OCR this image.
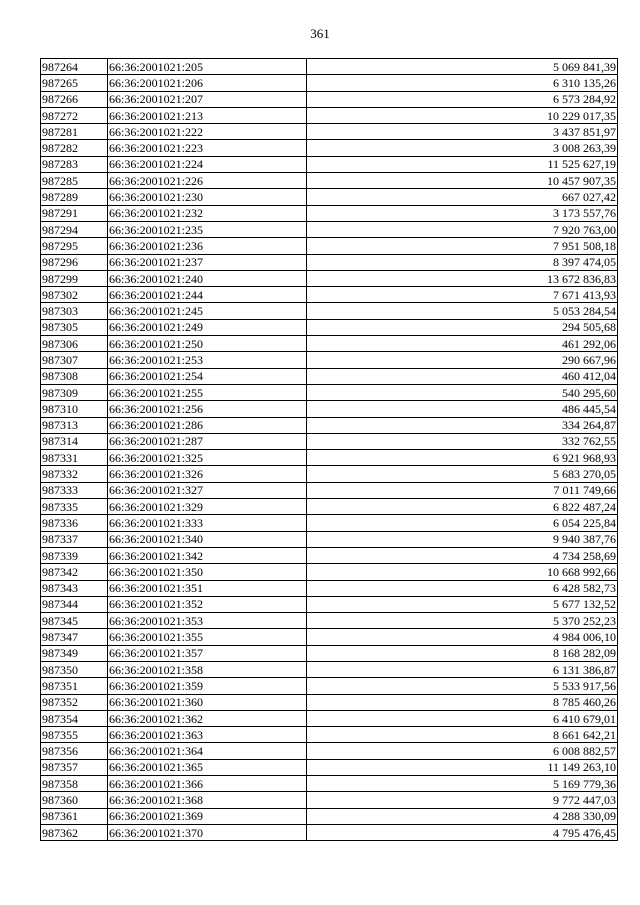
361
987264	66:36:2001021:205	5 069 841,39
987265	66:36:2001021:206	6 310 135,26
987266	66:36:2001021:207	6 573 284,92
987272	66:36:2001021:213	10 229 017,35
987281	66:36:2001021:222	3 437 851,97
987282	66:36:2001021:223	3 008 263,39
987283	66:36:2001021:224	11 525 627,19
987285	66:36:2001021:226	10 457 907,35
987289	66:36:2001021:230	667 027,42
987291	66:36:2001021:232	3 173 557,76
987294	66:36:2001021:235	7 920 763,00
987295	66:36:2001021:236	7 951 508,18
987296	66:36:2001021:237	8 397 474,05
987299	66:36:2001021:240	13 672 836,83
987302	66:36:2001021:244	7 671 413,93
987303	66:36:2001021:245	5 053 284,54
987305	66:36:2001021:249	294 505,68
987306	66:36:2001021:250	461 292,06
987307	66:36:2001021:253	290 667,96
987308	66:36:2001021:254	460 412,04
987309	66:36:2001021:255	540 295,60
987310	66:36:2001021:256	486 445,54
987313	66:36:2001021:286	334 264,87
987314	66:36:2001021:287	332 762,55
987331	66:36:2001021:325	6 921 968,93
987332	66:36:2001021:326	5 683 270,05
987333	66:36:2001021:327	7 011 749,66
987335	66:36:2001021:329	6 822 487,24
987336	66:36:2001021:333	6 054 225,84
987337	66:36:2001021:340	9 940 387,76
987339	66:36:2001021:342	4 734 258,69
987342	66:36:2001021:350	10 668 992,66
987343	66:36:2001021:351	6 428 582,73
987344	66:36:2001021:352	5 677 132,52
987345	66:36:2001021:353	5 370 252,23
987347	66:36:2001021:355	4 984 006,10
987349	66:36:2001021:357	8 168 282,09
987350	66:36:2001021:358	6 131 386,87
987351	66:36:2001021:359	5 533 917,56
987352	66:36:2001021:360	8 785 460,26
987354	66:36:2001021:362	6 410 679,01
987355	66:36:2001021:363	8 661 642,21
987356	66:36:2001021:364	6 008 882,57
987357	66:36:2001021:365	11 149 263,10
987358	66:36:2001021:366	5 169 779,36
987360	66:36:2001021:368	9 772 447,03
987361	66:36:2001021:369	4 288 330,09
987362	66:36:2001021:370	4 795 476,45
